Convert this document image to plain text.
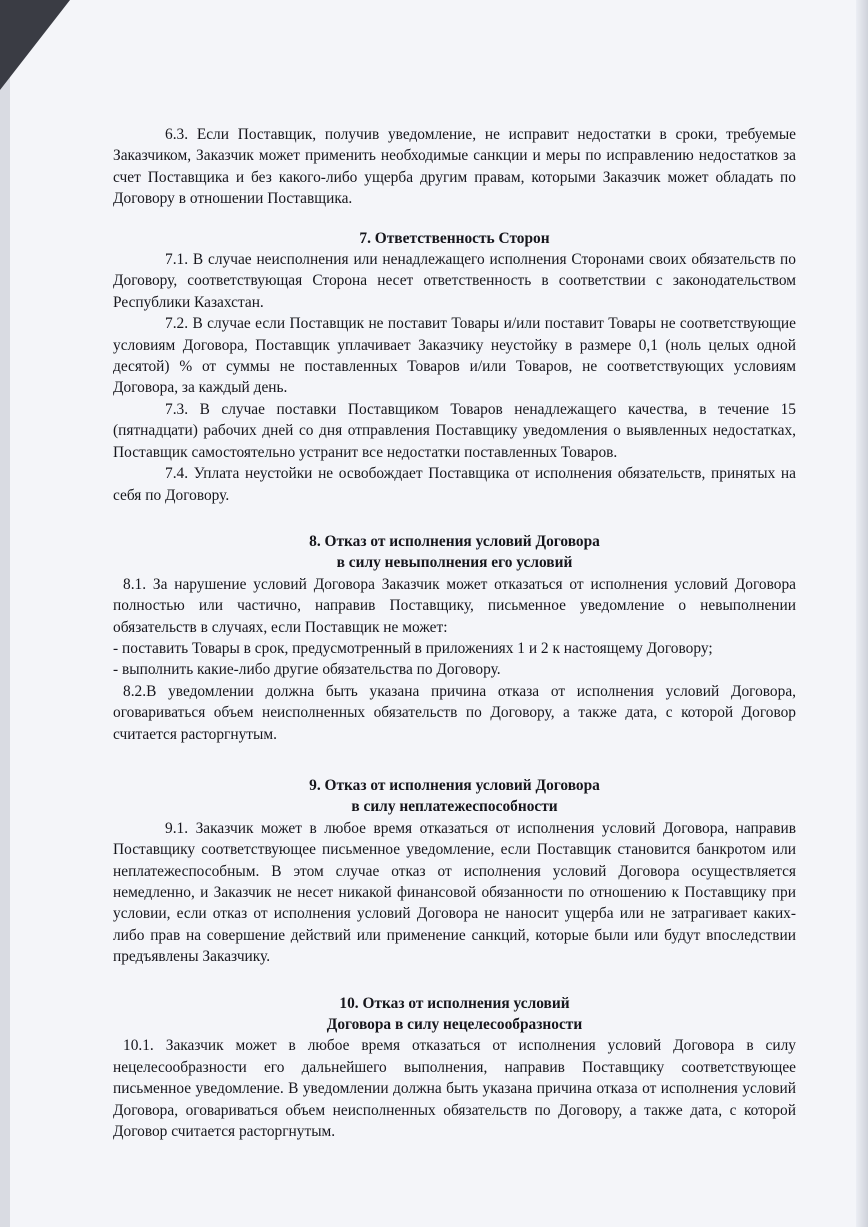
6.3. Если Поставщик, получив уведомление, не исправит недостатки в сроки, требуемые Заказчиком, Заказчик может применить необходимые санкции и меры по исправлению недостатков за счет Поставщика и без какого-либо ущерба другим правам, которыми Заказчик может обладать по Договору в отношении Поставщика.

7. Ответственность Сторон

7.1. В случае неисполнения или ненадлежащего исполнения Сторонами своих обязательств по Договору, соответствующая Сторона несет ответственность в соответствии с законодательством Республики Казахстан.

7.2. В случае если Поставщик не поставит Товары и/или поставит Товары не соответствующие условиям Договора, Поставщик уплачивает Заказчику неустойку в размере 0,1 (ноль целых одной десятой) % от суммы не поставленных Товаров и/или Товаров, не соответствующих условиям Договора, за каждый день.

7.3. В случае поставки Поставщиком Товаров ненадлежащего качества, в течение 15 (пятнадцати) рабочих дней со дня отправления Поставщику уведомления о выявленных недостатках, Поставщик самостоятельно устранит все недостатки поставленных Товаров.

7.4. Уплата неустойки не освобождает Поставщика от исполнения обязательств, принятых на себя по Договору.

8. Отказ от исполнения условий Договора

в силу невыполнения его условий

8.1. За нарушение условий Договора Заказчик может отказаться от исполнения условий Договора полностью или частично, направив Поставщику, письменное уведомление о невыполнении обязательств в случаях, если Поставщик не может:

- поставить Товары в срок, предусмотренный в приложениях 1 и 2 к настоящему Договору;

- выполнить какие-либо другие обязательства по Договору.

8.2.В уведомлении должна быть указана причина отказа от исполнения условий Договора, оговариваться объем неисполненных обязательств по Договору, а также дата, с которой Договор считается расторгнутым.

9. Отказ от исполнения условий Договора

в силу неплатежеспособности

9.1. Заказчик может в любое время отказаться от исполнения условий Договора, направив Поставщику соответствующее письменное уведомление, если Поставщик становится банкротом или неплатежеспособным. В этом случае отказ от исполнения условий Договора осуществляется немедленно, и Заказчик не несет никакой финансовой обязанности по отношению к Поставщику при условии, если отказ от исполнения условий Договора не наносит ущерба или не затрагивает каких-либо прав на совершение действий или применение санкций, которые были или будут впоследствии предъявлены Заказчику.

10. Отказ от исполнения условий

Договора в силу нецелесообразности

10.1. Заказчик может в любое время отказаться от исполнения условий Договора в силу нецелесообразности его дальнейшего выполнения, направив Поставщику соответствующее письменное уведомление. В уведомлении должна быть указана причина отказа от исполнения условий Договора, оговариваться объем неисполненных обязательств по Договору, а также дата, с которой Договор считается расторгнутым.
